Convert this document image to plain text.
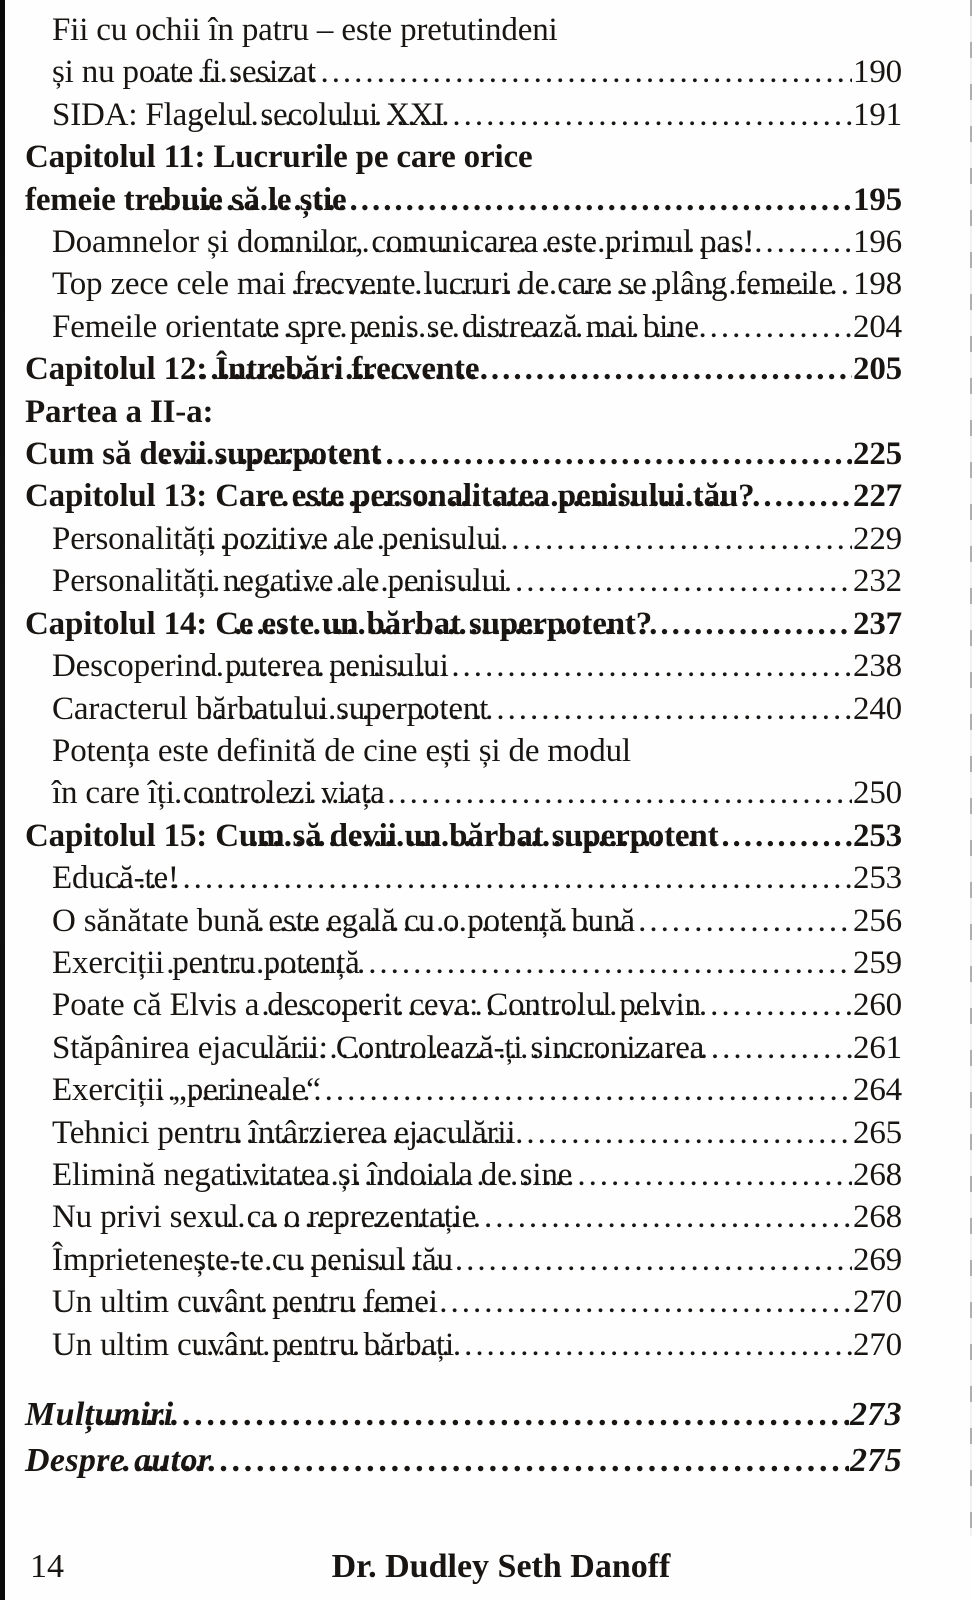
Fii cu ochii în patru – este pretutindeni
și nu poate fi sesizat .....	190
SIDA: Flagelul secolului XXI .....	191
Capitolul 11: Lucrurile pe care orice
femeie trebuie să le știe .....	195
Doamnelor și domnilor, comunicarea este primul pas! .....	196
Top zece cele mai frecvente lucruri de care se plâng femeile ..... 198
Femeile orientate spre penis se distrează mai bine .....	204
Capitolul 12: Întrebări frecvente .....	205
Partea a II-a:
Cum să devii superpotent .....	225
Capitolul 13: Care este personalitatea penisului tău? .....	227
Personalități pozitive ale penisului .....	229
Personalități negative ale penisului .....	232
Capitolul 14: Ce este un bărbat superpotent? .....	237
Descoperind puterea penisului .....	238
Caracterul bărbatului superpotent .....	240
Potența este definită de cine ești și de modul
în care îți controlezi viața .....	250
Capitolul 15: Cum să devii un bărbat superpotent .....	253
Educă-te! .....	253
O sănătate bună este egală cu o potență bună .....	256
Exerciții pentru potență .....	259
Poate că Elvis a descoperit ceva: Controlul pelvin .....	260
Stăpânirea ejaculării: Controlează-ți sincronizarea .....	261
Exerciții „perineale“ .....	264
Tehnici pentru întârzierea ejaculării .....	265
Elimină negativitatea și îndoiala de sine .....	268
Nu privi sexul ca o reprezentație .....	268
Împrietenește-te cu penisul tău .....	269
Un ultim cuvânt pentru femei .....	270
Un ultim cuvânt pentru bărbați .....	270
Mulțumiri .....	273
Despre autor .....	275
14	Dr. Dudley Seth Danoff
